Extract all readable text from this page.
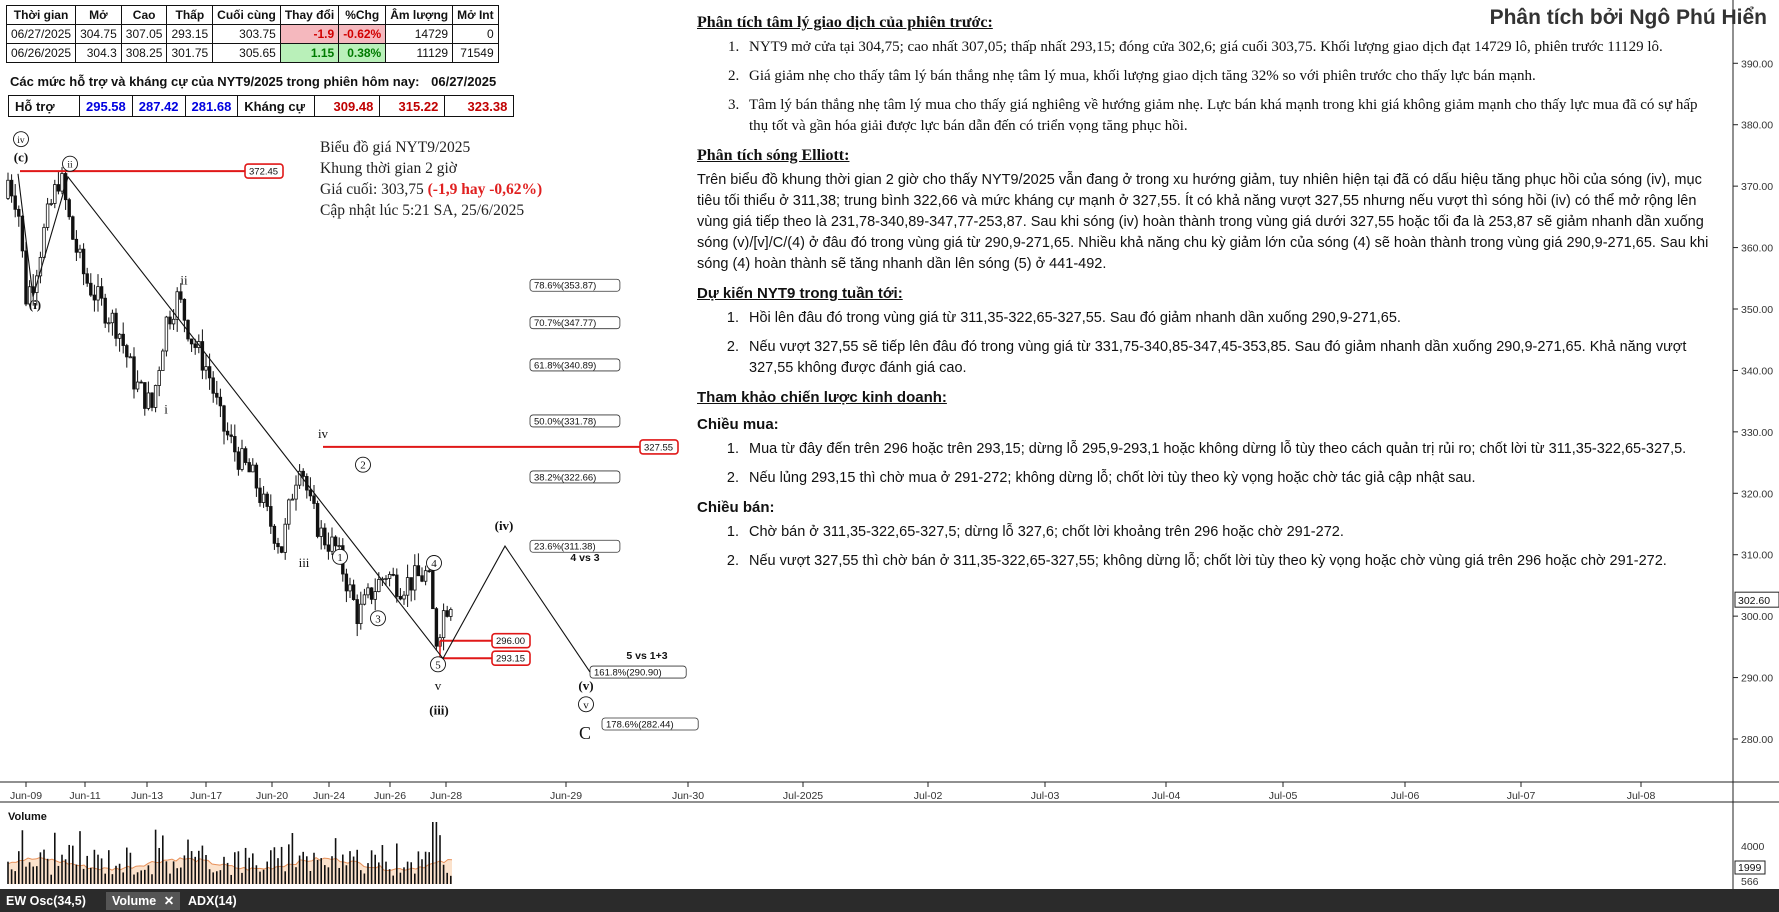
78.6%(353.87)
70.7%(347.77)
61.8%(340.89)
50.0%(331.78)
38.2%(322.66)
23.6%(311.38)
161.8%(290.90)
178.6%(282.44)
372.45
327.55
296.00
293.15
iv
(c)
ii
(i)
ii
i
iv
iii
2
1
3
4
5
v
(iii)
(iv)
4 vs 3
5 vs 1+3
(v)
v
C	280.00
290.00
300.00
310.00
320.00
330.00
340.00
350.00
360.00
370.00
380.00
390.00
302.60
Jun-09	Jun-11	Jun-13	Jun-17	Jun-20 Jun-24	Jun-26 Jun-28	Jun-29	Jun-30	Jul-2025	Jul-02	Jul-03	Jul-04	Jul-05	Jul-06	Jul-07	Jul-08
4000
1999
566
Thời gian	Mở	Cao	Thấp	Cuối cùng	Thay đổi	%Chg	Âm lượng	Mở Int
06/27/2025	304.75	307.05	293.15	303.75	-1.9	-0.62%	14729	0
06/26/2025	304.3	308.25	301.75	305.65	1.15	0.38%	11129	71549
Các mức hỗ trợ và kháng cự của NYT9/2025 trong phiên hôm nay: 06/27/2025
Hỗ trợ	295.58	287.42	281.68	Kháng cự	309.48	315.22	323.38
Phân tích bởi Ngô Phú Hiển
Biểu đồ giá NYT9/2025
Khung thời gian 2 giờ
Giá cuối: 303,75 (-1,9 hay -0,62%)
Cập nhật lúc 5:21 SA, 25/6/2025
Phân tích tâm lý giao dịch của phiên trước:
1. NYT9 mở cửa tại 304,75; cao nhất 307,05; thấp nhất 293,15; đóng cửa 302,6; giá cuối 303,75. Khối lượng giao dịch đạt 14729 lô, phiên trước 11129 lô.
2. Giá giảm nhẹ cho thấy tâm lý bán thắng nhẹ tâm lý mua, khối lượng giao dịch tăng 32% so với phiên trước cho thấy lực bán mạnh.
3. Tâm lý bán thắng nhẹ tâm lý mua cho thấy giá nghiêng về hướng giảm nhẹ. Lực bán khá mạnh trong khi giá không giảm mạnh cho thấy lực mua đã có sự hấp thụ tốt và gần hóa giải được lực bán dẫn đến có triển vọng tăng phục hồi.
Phân tích sóng Elliott:

Trên biểu đồ khung thời gian 2 giờ cho thấy NYT9/2025 vẫn đang ở trong xu hướng giảm, tuy nhiên hiện tại đã có dấu hiệu tăng phục hồi của sóng (iv), mục tiêu tối thiểu ở 311,38; trung bình 322,66 và mức kháng cự mạnh ở 327,55. Ít có khả năng vượt 327,55 nhưng nếu vượt thì sóng hồi (iv) có thể mở rộng lên vùng giá tiếp theo là 231,78-340,89-347,77-253,87. Sau khi sóng (iv) hoàn thành trong vùng giá dưới 327,55 hoặc tối đa là 253,87 sẽ giảm nhanh dần xuống sóng (v)/[v]/C/(4) ở đâu đó trong vùng giá từ 290,9-271,65. Nhiều khả năng chu kỳ giảm lớn của sóng (4) sẽ hoàn thành trong vùng giá 290,9-271,65. Sau khi sóng (4) hoàn thành sẽ tăng nhanh dần lên sóng (5) ở 441-492.

Dự kiến NYT9 trong tuần tới:
1. Hồi lên đâu đó trong vùng giá từ 311,35-322,65-327,55. Sau đó giảm nhanh dần xuống 290,9-271,65.
2. Nếu vượt 327,55 sẽ tiếp lên đâu đó trong vùng giá từ 331,75-340,85-347,45-353,85. Sau đó giảm nhanh dần xuống 290,9-271,65. Khả năng vượt 327,55 không được đánh giá cao.
Tham khảo chiến lược kinh doanh:
Chiều mua:
1. Mua từ đây đến trên 296 hoặc trên 293,15; dừng lỗ 295,9-293,1 hoặc không dừng lỗ tùy theo cách quản trị rủi ro; chốt lời từ 311,35-322,65-327,5.
2. Nếu lủng 293,15 thì chờ mua ở 291-272; không dừng lỗ; chốt lời tùy theo kỳ vọng hoặc chờ tác giả cập nhật sau.
Chiều bán:
1. Chờ bán ở 311,35-322,65-327,5; dừng lỗ 327,6; chốt lời khoảng trên 296 hoặc chờ 291-272.
2. Nếu vượt 327,55 thì chờ bán ở 311,35-322,65-327,55; không dừng lỗ; chốt lời tùy theo kỳ vọng hoặc chờ vùng giá trên 296 hoặc chờ 291-272.
Volume
EW Osc(34,5)	Volume ✕	ADX(14)
